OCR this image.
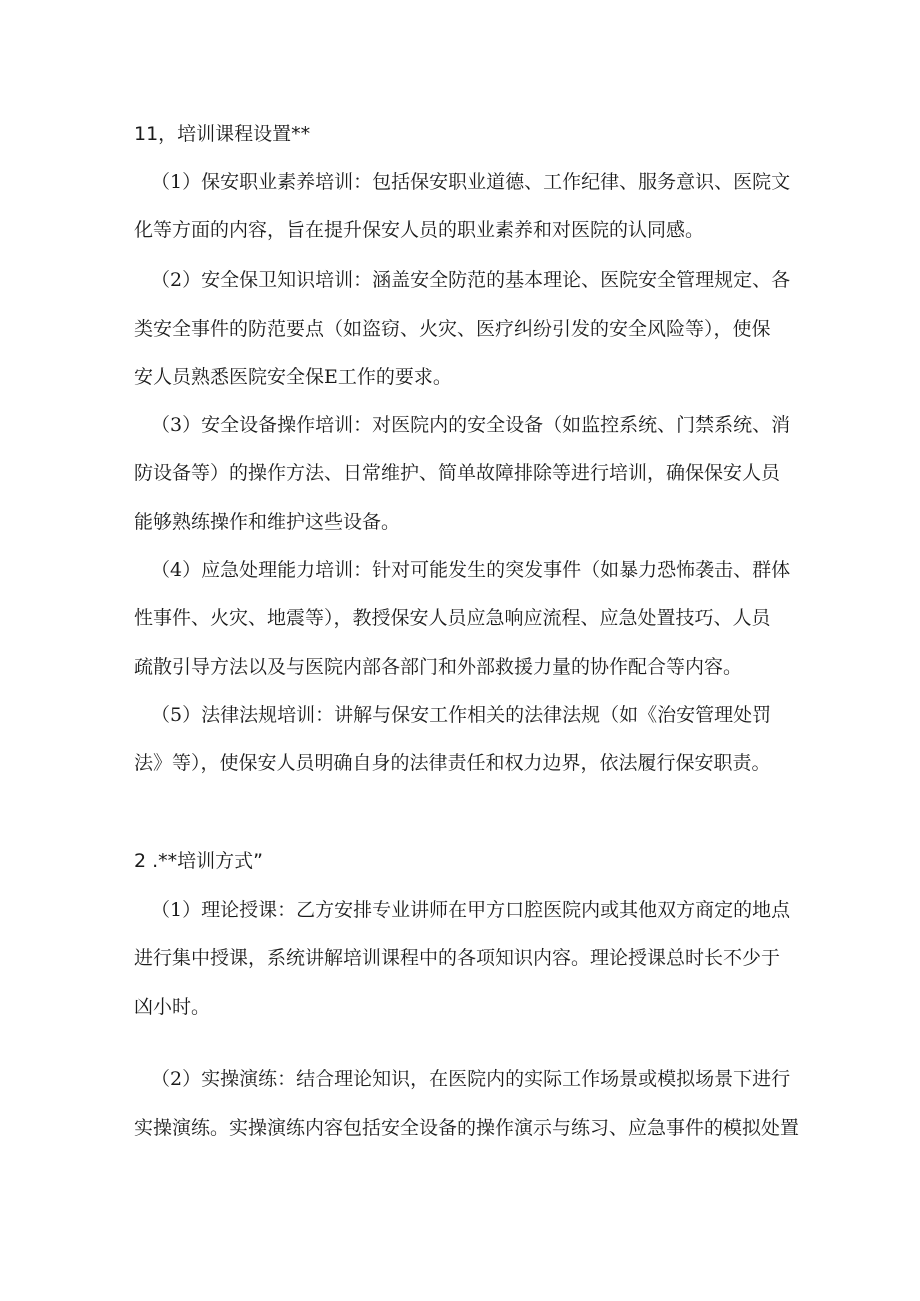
11，培训课程设置**
（1）保安职业素养培训：包括保安职业道德、工作纪律、服务意识、医院文
化等方面的内容，旨在提升保安人员的职业素养和对医院的认同感。
（2）安全保卫知识培训：涵盖安全防范的基本理论、医院安全管理规定、各
类安全事件的防范要点（如盗窃、火灾、医疗纠纷引发的安全风险等），使保
安人员熟悉医院安全保E工作的要求。
（3）安全设备操作培训：对医院内的安全设备（如监控系统、门禁系统、消
防设备等）的操作方法、日常维护、简单故障排除等进行培训，确保保安人员
能够熟练操作和维护这些设备。
（4）应急处理能力培训：针对可能发生的突发事件（如暴力恐怖袭击、群体
性事件、火灾、地震等），教授保安人员应急响应流程、应急处置技巧、人员
疏散引导方法以及与医院内部各部门和外部救援力量的协作配合等内容。
（5）法律法规培训：讲解与保安工作相关的法律法规（如《治安管理处罚
法》等），使保安人员明确自身的法律责任和权力边界，依法履行保安职责。
2 .**培训方式”
（1）理论授课：乙方安排专业讲师在甲方口腔医院内或其他双方商定的地点
进行集中授课，系统讲解培训课程中的各项知识内容。理论授课总时长不少于
凶小时。
（2）实操演练：结合理论知识，在医院内的实际工作场景或模拟场景下进行
实操演练。实操演练内容包括安全设备的操作演示与练习、应急事件的模拟处置
